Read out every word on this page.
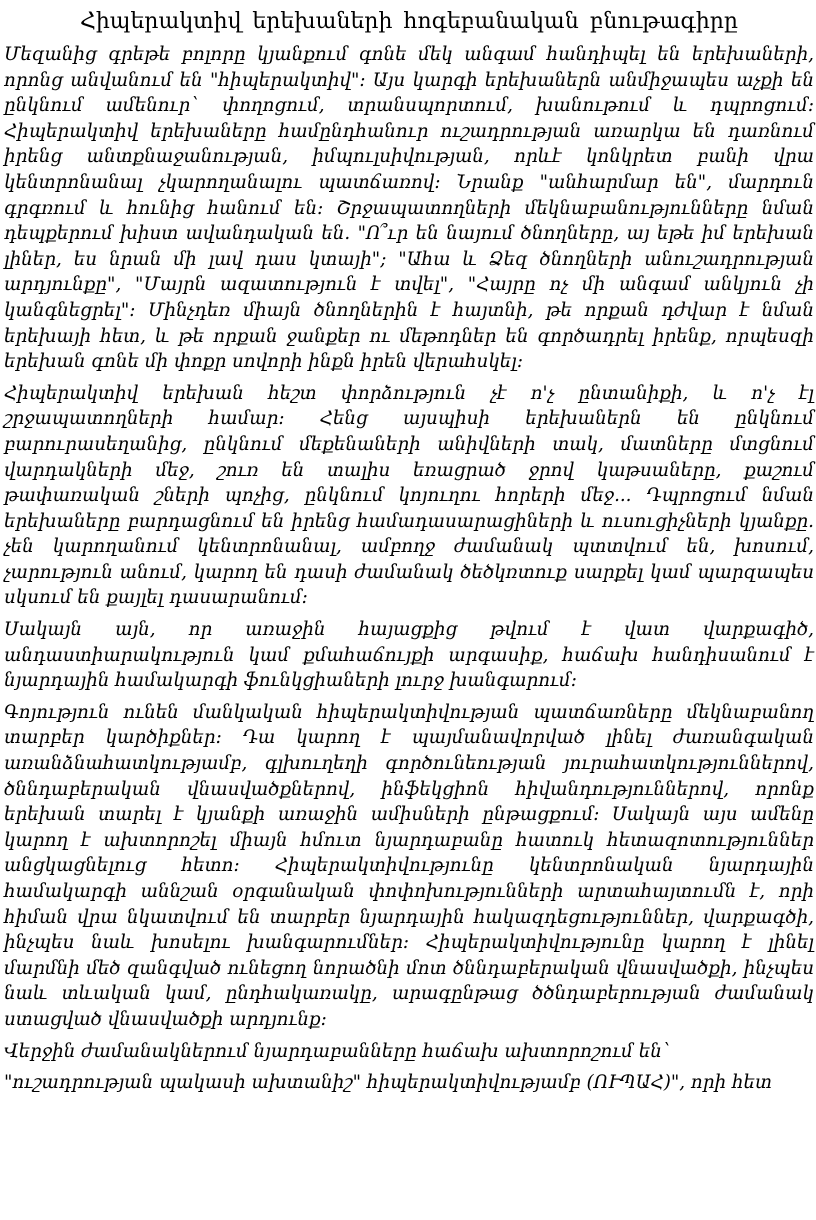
Հիպերակտիվ երեխաների հոգեբանական բնութագիրը

Մեզանից գրեթե բոլորը կյանքում գոնե մեկ անգամ հանդիպել են երեխաների, որոնց անվանում են "հիպերակտիվ": Այս կարգի երեխաներն անմիջապես աչքի են ընկնում ամենուր` փողոցում, տրանսպորտում, խանութում և դպրոցում: Հիպերակտիվ երեխաները համընդհանուր ուշադրության առարկա են դառնում իրենց անտքնաջանության, իմպուլսիվության, որևէ կոնկրետ բանի վրա կենտրոնանալ չկարողանալու պատճառով: Նրանք "անհարմար են", մարդուն գրգռում և հունից հանում են: Շրջապատողների մեկնաբանությունները նման դեպքերում խիստ ավանդական են. "Ո՞ւր են նայում ծնողները, այ եթե իմ երեխան լիներ, ես նրան մի լավ դաս կտայի"; "Ահա և Ձեզ ծնողների անուշադրության արդյունքը", "Մայրն ազատություն է տվել", "Հայրը ոչ մի անգամ անկյուն չի կանգնեցրել": Մինչդեռ միայն ծնողներին է հայտնի, թե որքան դժվար է նման երեխայի հետ, և թե որքան ջանքեր ու մեթոդներ են գործադրել իրենք, որպեսզի երեխան գոնե մի փոքր սովորի ինքն իրեն վերահսկել:

Հիպերակտիվ երեխան հեշտ փորձություն չէ ո'չ ընտանիքի, և ո'չ էլ շրջապատողների համար: Հենց այսպիսի երեխաներն են ընկնում բարուրասեղանից, ընկնում մեքենաների անիվների տակ, մատները մտցնում վարդակների մեջ, շուռ են տալիս եռացրած ջրով կաթսաները, քաշում թափառական շների պոչից, ընկնում կոյուղու հորերի մեջ... Դպրոցում նման երեխաները բարդացնում են իրենց համադասարացիների և ուսուցիչների կյանքը. չեն կարողանում կենտրոնանալ, ամբողջ ժամանակ պտտվում են, խոսում, չարություն անում, կարող են դասի ժամանակ ծեծկռտուք սարքել կամ պարզապես սկսում են քայլել դասարանում:

Սակայն այն, որ առաջին հայացքից թվում է վատ վարքագիծ, անդաստիարակություն կամ քմահաճույքի արգասիք, հաճախ հանդիսանում է նյարդային համակարգի ֆունկցիաների լուրջ խանգարում:

Գոյություն ունեն մանկական հիպերակտիվության պատճառները մեկնաբանող տարբեր կարծիքներ: Դա կարող է պայմանավորված լինել ժառանգական առանձնահատկությամբ, գլխուղեղի գործունեության յուրահատկություններով, ծննդաբերական վնասվածքներով, ինֆեկցիոն հիվանդություններով, որոնք երեխան տարել է կյանքի առաջին ամիսների ընթացքում: Սակայն այս ամենը կարող է ախտորոշել միայն հմուտ նյարդաբանը հատուկ հետազոտություններ անցկացնելուց հետո: Հիպերակտիվությունը կենտրոնական նյարդային համակարգի աննշան օրգանական փոփոխությունների արտահայտումն է, որի հիման վրա նկատվում են տարբեր նյարդային հակազդեցություններ, վարքագծի, ինչպես նաև խոսելու խանգարումներ: Հիպերակտիվությունը կարող է լինել մարմնի մեծ զանգված ունեցող նորածնի մոտ ծննդաբերական վնասվածքի, ինչպես նաև տևական կամ, ընդհակառակը, արագընթաց ծծնդաբերության ժամանակ ստացված վնասվածքի արդյունք:

Վերջին ժամանակներում նյարդաբանները հաճախ ախտորոշում են`

"ուշադրության պակասի ախտանիշ" հիպերակտիվությամբ (ՈՒՊԱՀ)", որի հետ
